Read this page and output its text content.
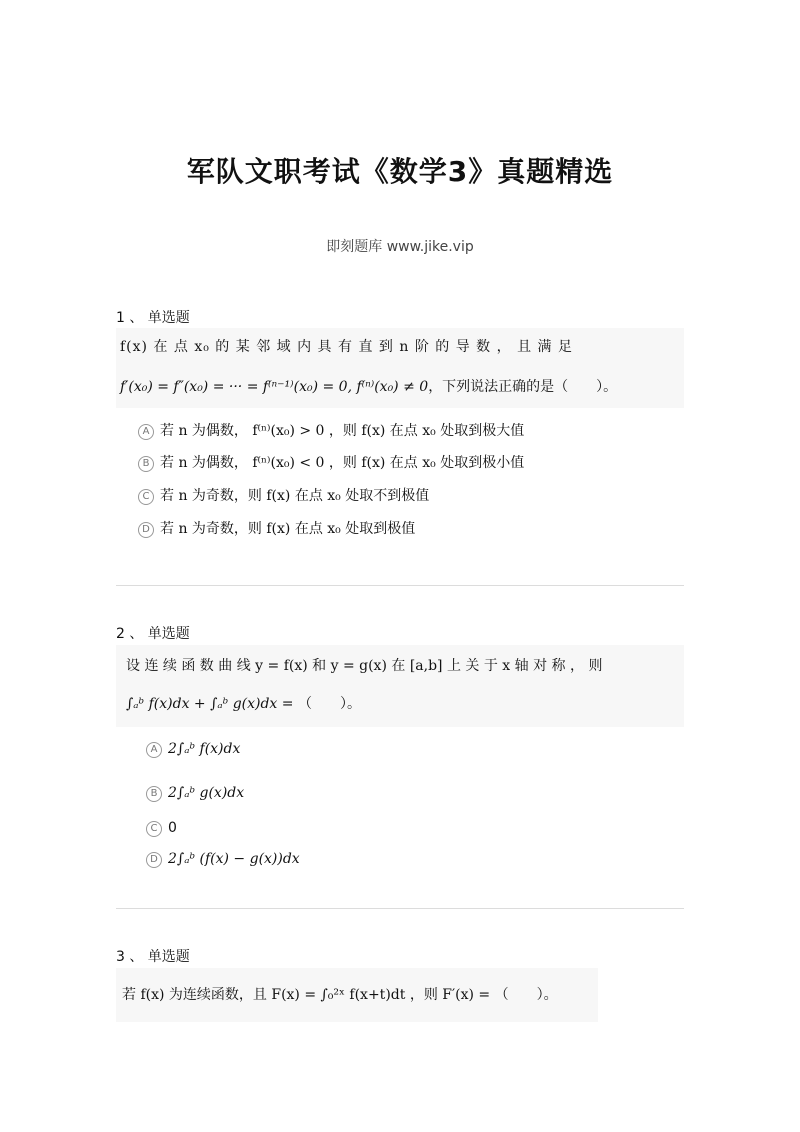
军队文职考试《数学3》真题精选
即刻题库 www.jike.vip
1 、 单选题
f(x) 在 点 x₀ 的 某 邻 域 内 具 有 直 到 n 阶 的 导 数 ， 且 满 足
f′(x₀) = f″(x₀) = ··· = f⁽ⁿ⁻¹⁾(x₀) = 0, f⁽ⁿ⁾(x₀) ≠ 0，下列说法正确的是（　　）。
A 若 n 为偶数， f⁽ⁿ⁾(x₀) > 0 ，则 f(x) 在点 x₀ 处取到极大值
B 若 n 为偶数， f⁽ⁿ⁾(x₀) < 0 ，则 f(x) 在点 x₀ 处取到极小值
C 若 n 为奇数，则 f(x) 在点 x₀ 处取不到极值
D 若 n 为奇数，则 f(x) 在点 x₀ 处取到极值
2 、 单选题
设 连 续 函 数 曲 线 y = f(x) 和 y = g(x) 在 [a,b] 上 关 于 x 轴 对 称 ， 则
∫ₐᵇ f(x)dx + ∫ₐᵇ g(x)dx = （　　）。
A 2∫ₐᵇ f(x)dx
B 2∫ₐᵇ g(x)dx
C 0
D 2∫ₐᵇ (f(x) − g(x))dx
3 、 单选题
若 f(x) 为连续函数，且 F(x) = ∫₀²ˣ f(x+t)dt ，则 F′(x) = （　　）。
